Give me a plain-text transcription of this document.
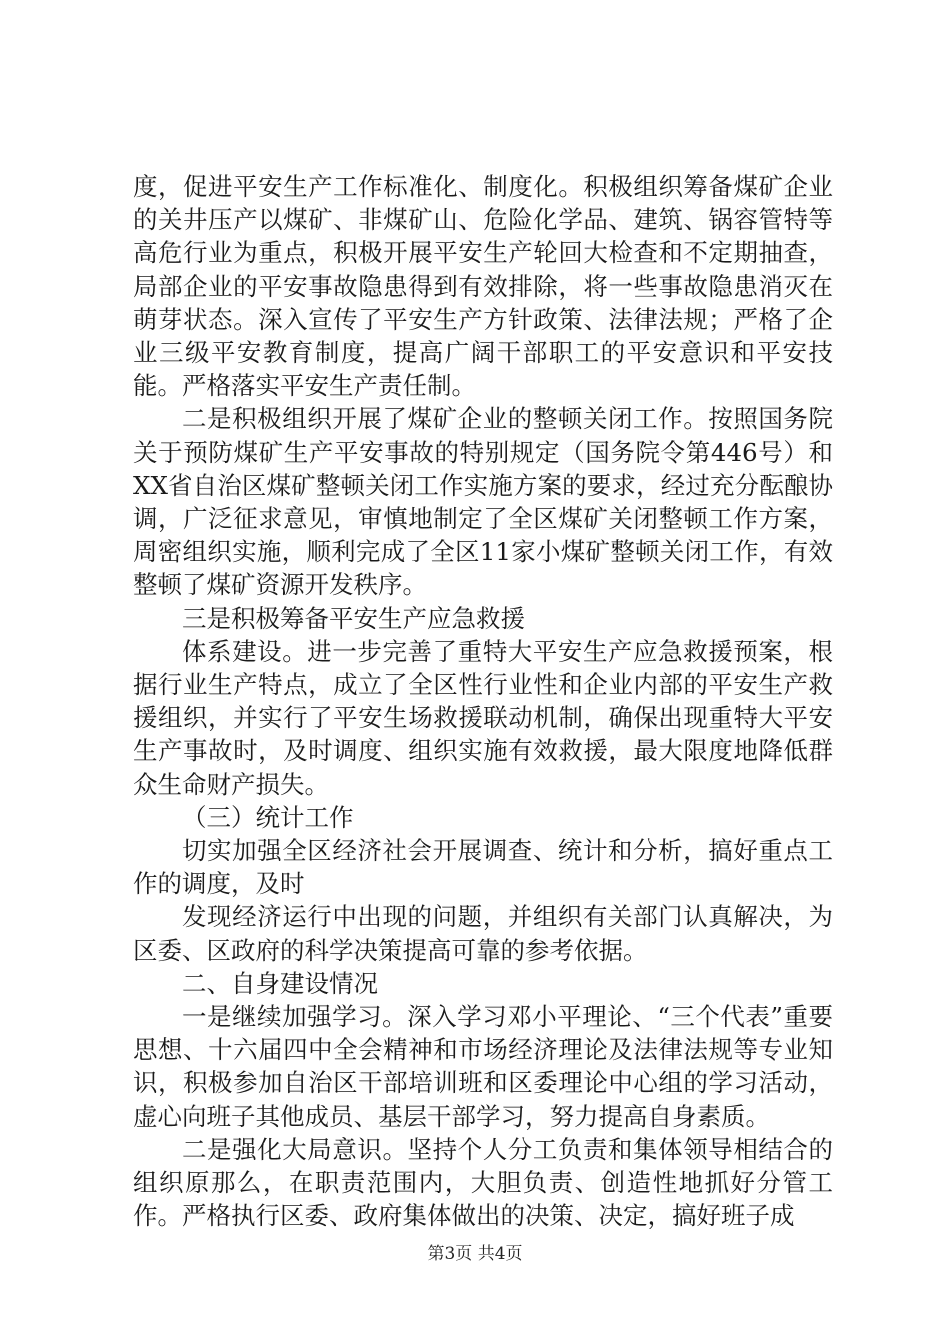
度，促进平安生产工作标准化、制度化。积极组织筹备煤矿企业的关井压产以煤矿、非煤矿山、危险化学品、建筑、锅容管特等高危行业为重点，积极开展平安生产轮回大检查和不定期抽查，局部企业的平安事故隐患得到有效排除，将一些事故隐患消灭在萌芽状态。深入宣传了平安生产方针政策、法律法规；严格了企业三级平安教育制度，提高广阔干部职工的平安意识和平安技能。严格落实平安生产责任制。

二是积极组织开展了煤矿企业的整顿关闭工作。按照国务院关于预防煤矿生产平安事故的特别规定（国务院令第446号）和XX省自治区煤矿整顿关闭工作实施方案的要求，经过充分酝酿协调，广泛征求意见，审慎地制定了全区煤矿关闭整顿工作方案，周密组织实施，顺利完成了全区11家小煤矿整顿关闭工作，有效整顿了煤矿资源开发秩序。

三是积极筹备平安生产应急救援

体系建设。进一步完善了重特大平安生产应急救援预案，根据行业生产特点，成立了全区性行业性和企业内部的平安生产救援组织，并实行了平安生场救援联动机制，确保出现重特大平安生产事故时，及时调度、组织实施有效救援，最大限度地降低群众生命财产损失。

（三）统计工作

切实加强全区经济社会开展调查、统计和分析，搞好重点工作的调度，及时

发现经济运行中出现的问题，并组织有关部门认真解决，为区委、区政府的科学决策提高可靠的参考依据。

二、自身建设情况

一是继续加强学习。深入学习邓小平理论、“三个代表”重要思想、十六届四中全会精神和市场经济理论及法律法规等专业知识，积极参加自治区干部培训班和区委理论中心组的学习活动，虚心向班子其他成员、基层干部学习，努力提高自身素质。

二是强化大局意识。坚持个人分工负责和集体领导相结合的组织原那么，在职责范围内，大胆负责、创造性地抓好分管工作。严格执行区委、政府集体做出的决策、决定，搞好班子成

第3页 共4页
